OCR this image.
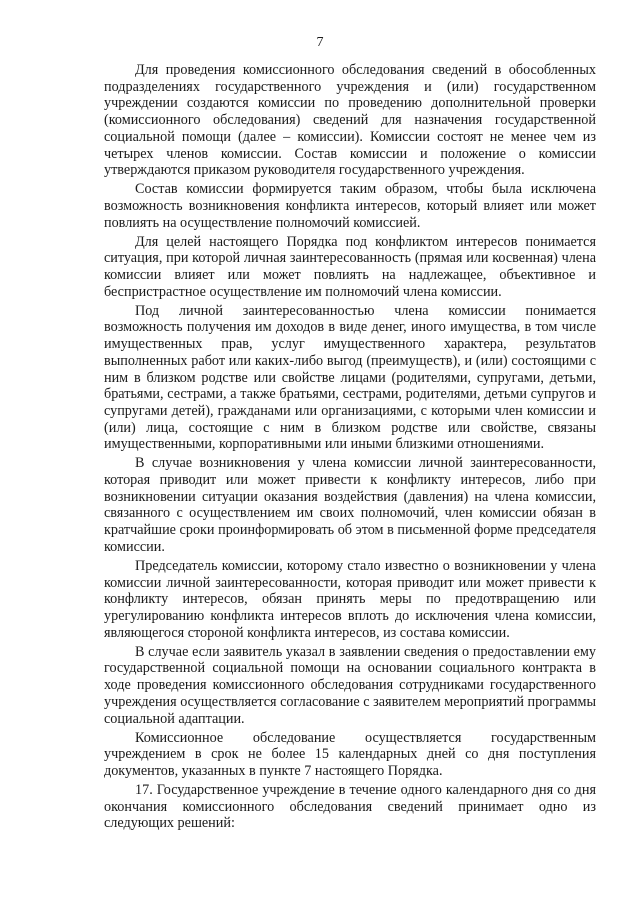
7

Для проведения комиссионного обследования сведений в обособленных подразделениях государственного учреждения и (или) государственном учреждении создаются комиссии по проведению дополнительной проверки (комиссионного обследования) сведений для назначения государственной социальной помощи (далее – комиссии). Комиссии состоят не менее чем из четырех членов комиссии. Состав комиссии и положение о комиссии утверждаются приказом руководителя государственного учреждения.

Состав комиссии формируется таким образом, чтобы была исключена возможность возникновения конфликта интересов, который влияет или может повлиять на осуществление полномочий комиссией.

Для целей настоящего Порядка под конфликтом интересов понимается ситуация, при которой личная заинтересованность (прямая или косвенная) члена комиссии влияет или может повлиять на надлежащее, объективное и беспристрастное осуществление им полномочий члена комиссии.

Под личной заинтересованностью члена комиссии понимается возможность получения им доходов в виде денег, иного имущества, в том числе имущественных прав, услуг имущественного характера, результатов выполненных работ или каких-либо выгод (преимуществ), и (или) состоящими с ним в близком родстве или свойстве лицами (родителями, супругами, детьми, братьями, сестрами, а также братьями, сестрами, родителями, детьми супругов и супругами детей), гражданами или организациями, с которыми член комиссии и (или) лица, состоящие с ним в близком родстве или свойстве, связаны имущественными, корпоративными или иными близкими отношениями.

В случае возникновения у члена комиссии личной заинтересованности, которая приводит или может привести к конфликту интересов, либо при возникновении ситуации оказания воздействия (давления) на члена комиссии, связанного с осуществлением им своих полномочий, член комиссии обязан в кратчайшие сроки проинформировать об этом в письменной форме председателя комиссии.

Председатель комиссии, которому стало известно о возникновении у члена комиссии личной заинтересованности, которая приводит или может привести к конфликту интересов, обязан принять меры по предотвращению или урегулированию конфликта интересов вплоть до исключения члена комиссии, являющегося стороной конфликта интересов, из состава комиссии.

В случае если заявитель указал в заявлении сведения о предоставлении ему государственной социальной помощи на основании социального контракта в ходе проведения комиссионного обследования сотрудниками государственного учреждения осуществляется согласование с заявителем мероприятий программы социальной адаптации.

Комиссионное обследование осуществляется государственным учреждением в срок не более 15 календарных дней со дня поступления документов, указанных в пункте 7 настоящего Порядка.

17. Государственное учреждение в течение одного календарного дня со дня окончания комиссионного обследования сведений принимает одно из следующих решений:
